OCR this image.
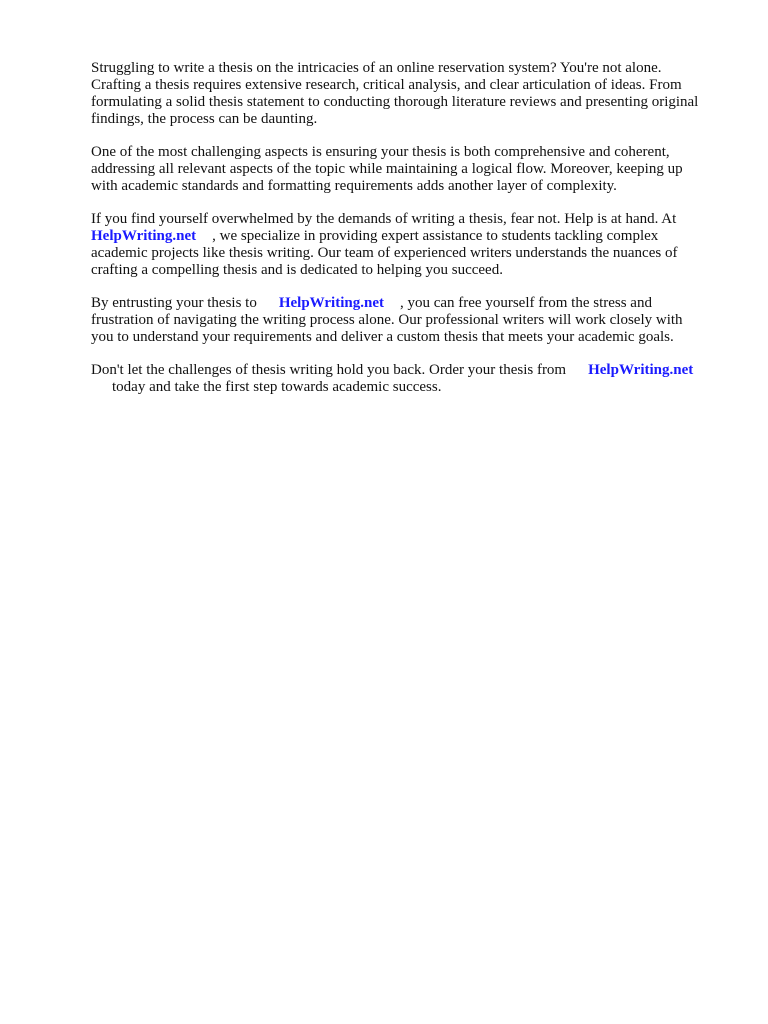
Struggling to write a thesis on the intricacies of an online reservation system? You're not alone.
Crafting a thesis requires extensive research, critical analysis, and clear articulation of ideas. From
formulating a solid thesis statement to conducting thorough literature reviews and presenting original
findings, the process can be daunting.

One of the most challenging aspects is ensuring your thesis is both comprehensive and coherent,
addressing all relevant aspects of the topic while maintaining a logical flow. Moreover, keeping up
with academic standards and formatting requirements adds another layer of complexity.

If you find yourself overwhelmed by the demands of writing a thesis, fear not. Help is at hand. At
HelpWriting.net , we specialize in providing expert assistance to students tackling complex
academic projects like thesis writing. Our team of experienced writers understands the nuances of
crafting a compelling thesis and is dedicated to helping you succeed.

By entrusting your thesis to HelpWriting.net , you can free yourself from the stress and
frustration of navigating the writing process alone. Our professional writers will work closely with
you to understand your requirements and deliver a custom thesis that meets your academic goals.

Don't let the challenges of thesis writing hold you back. Order your thesis from HelpWriting.net
today and take the first step towards academic success.
